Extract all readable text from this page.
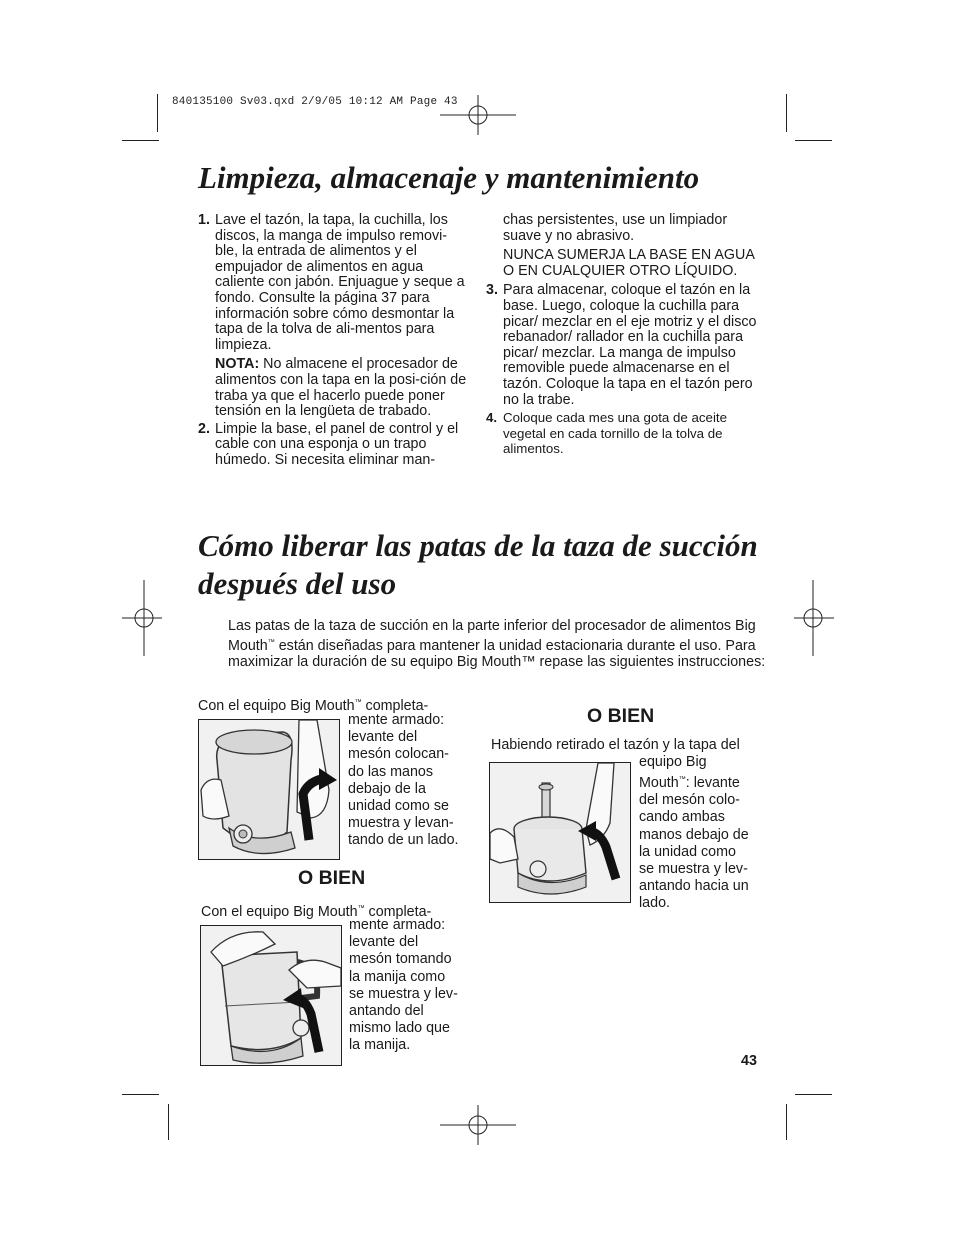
840135100 Sv03.qxd 2/9/05 10:12 AM Page 43
Limpieza, almacenaje y mantenimiento
1. Lave el tazón, la tapa, la cuchilla, los discos, la manga de impulso removi-ble, la entrada de alimentos y el empujador de alimentos en agua caliente con jabón. Enjuague y seque a fondo. Consulte la página 37 para información sobre cómo desmontar la tapa de la tolva de ali-mentos para limpieza.

NOTA: No almacene el procesador de alimentos con la tapa en la posi-ción de traba ya que el hacerlo puede poner tensión en la lengüeta de trabado.

2. Limpie la base, el panel de control y el cable con una esponja o un trapo húmedo. Si necesita eliminar man-

chas persistentes, use un limpiador suave y no abrasivo.

NUNCA SUMERJA LA BASE EN AGUA O EN CUALQUIER OTRO LÍQUIDO.

3. Para almacenar, coloque el tazón en la base. Luego, coloque la cuchilla para picar/ mezclar en el eje motriz y el disco rebanador/ rallador en la cuchilla para picar/ mezclar. La manga de impulso removible puede almacenarse en el tazón. Coloque la tapa en el tazón pero no la trabe.

4. Coloque cada mes una gota de aceite vegetal en cada tornillo de la tolva de alimentos.

Cómo liberar las patas de la taza de succión después del uso

Las patas de la taza de succión en la parte inferior del procesador de alimentos Big Mouth™ están diseñadas para mantener la unidad estacionaria durante el uso. Para maximizar la duración de su equipo Big Mouth™ repase las siguientes instrucciones:

Con el equipo Big Mouth™ completa-
mente armado:
levante del
mesón colocan-
do las manos
debajo de la
unidad como se
muestra y levan-
tando de un lado.
O BIEN
Con el equipo Big Mouth™ completa-
mente armado:
levante del
mesón tomando
la manija como
se muestra y lev-
antando del
mismo lado que
la manija.
O BIEN
Habiendo retirado el tazón y la tapa del
equipo Big
Mouth™: levante
del mesón colo-
cando ambas
manos debajo de
la unidad como
se muestra y lev-
antando hacia un
lado.
43
